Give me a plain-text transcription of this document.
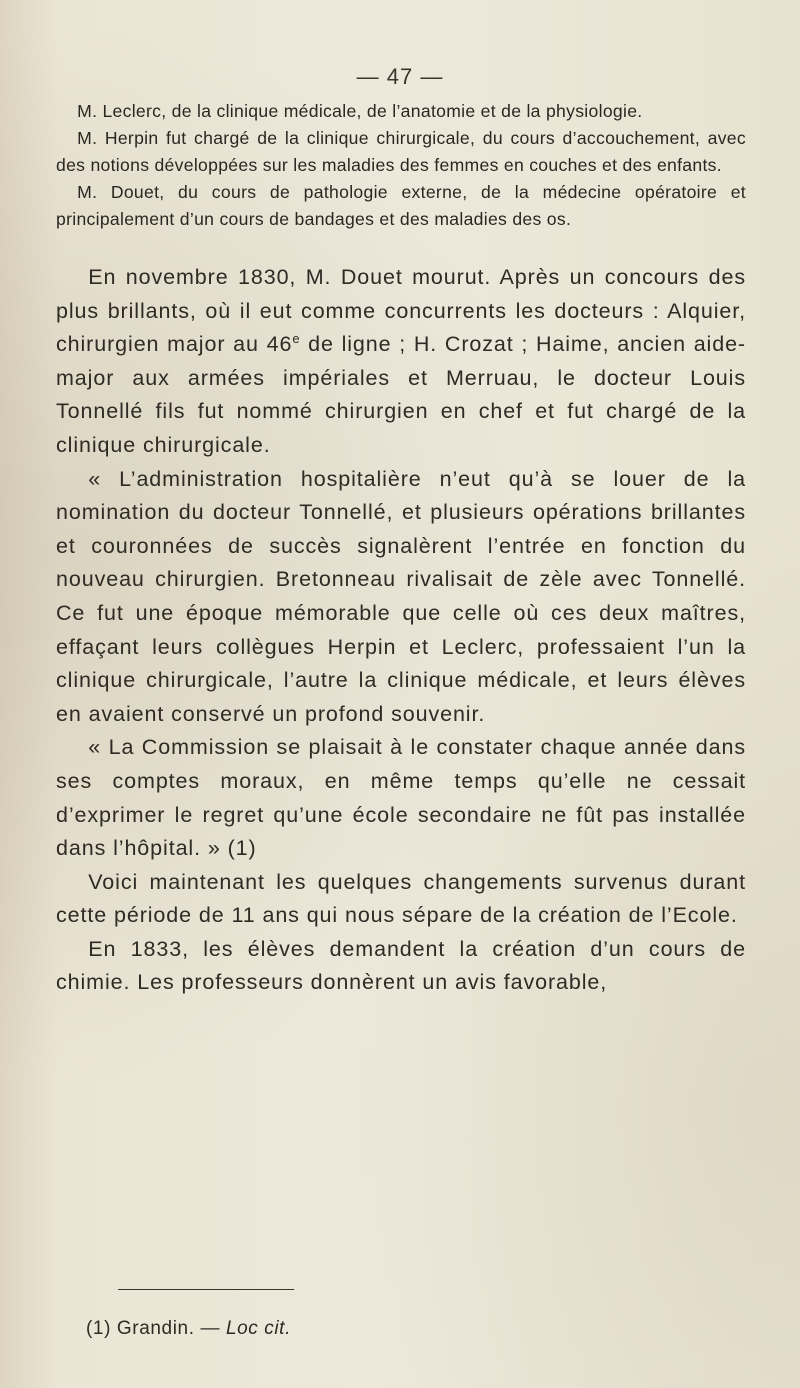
— 47 —

M. Leclerc, de la clinique médicale, de l’anatomie et de la physiologie.

M. Herpin fut chargé de la clinique chirurgicale, du cours d’accouchement, avec des notions développées sur les maladies des femmes en couches et des enfants.

M. Douet, du cours de pathologie externe, de la médecine opératoire et principalement d’un cours de bandages et des maladies des os.

En novembre 1830, M. Douet mourut. Après un concours des plus brillants, où il eut comme concurrents les docteurs : Alquier, chirurgien major au 46e de ligne ; H. Crozat ; Haime, ancien aide-major aux armées impériales et Merruau, le docteur Louis Tonnellé fils fut nommé chirurgien en chef et fut chargé de la clinique chirurgicale.

« L’administration hospitalière n’eut qu’à se louer de la nomination du docteur Tonnellé, et plusieurs opérations brillantes et couronnées de succès signalèrent l’entrée en fonction du nouveau chirurgien. Bretonneau rivalisait de zèle avec Tonnellé. Ce fut une époque mémorable que celle où ces deux maîtres, effaçant leurs collègues Herpin et Leclerc, professaient l’un la clinique chirurgicale, l’autre la clinique médicale, et leurs élèves en avaient conservé un profond souvenir.

« La Commission se plaisait à le constater chaque année dans ses comptes moraux, en même temps qu’elle ne cessait d’exprimer le regret qu’une école secondaire ne fût pas installée dans l’hôpital. » (1)

Voici maintenant les quelques changements survenus durant cette période de 11 ans qui nous sépare de la création de l’Ecole.

En 1833, les élèves demandent la création d’un cours de chimie. Les professeurs donnèrent un avis favorable,

(1) Grandin. — Loc cit.
